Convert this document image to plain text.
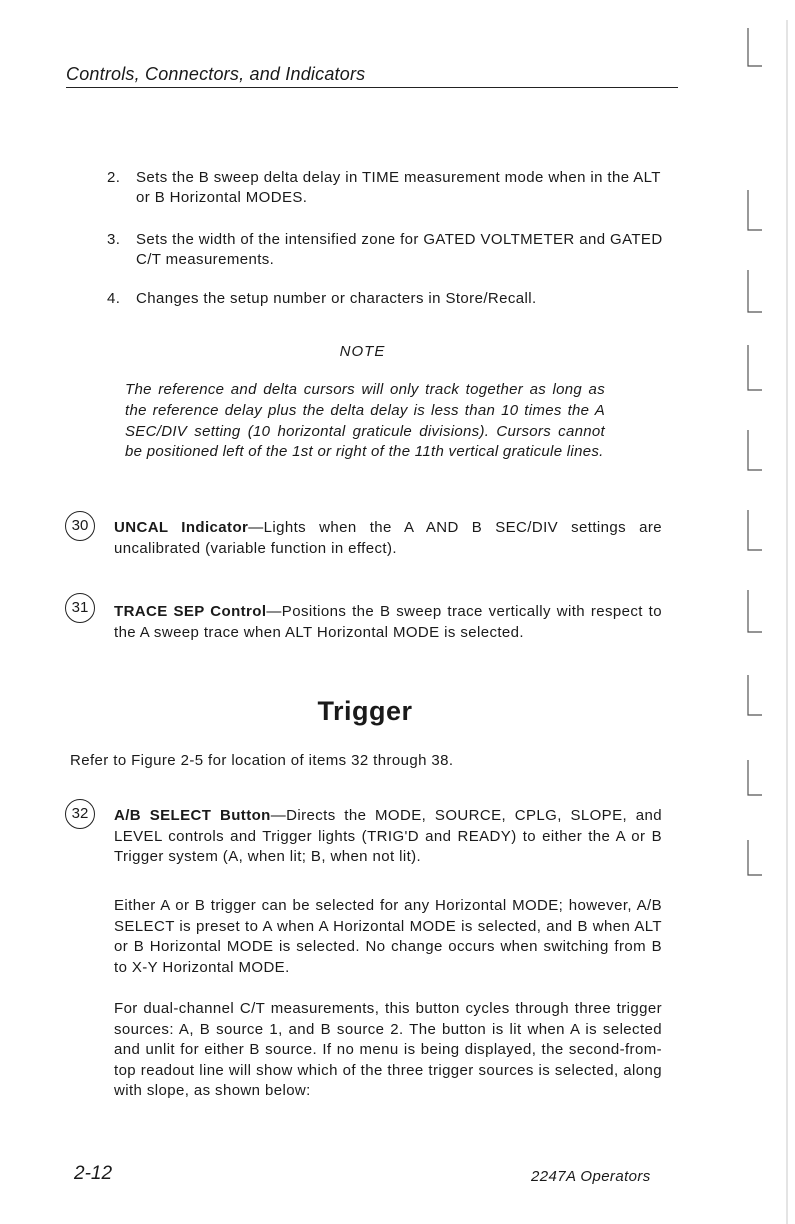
Controls, Connectors, and Indicators
2.	Sets the B sweep delta delay in TIME measurement mode when in the ALT or B Horizontal MODES.
3.	Sets the width of the intensified zone for GATED VOLTMETER and GATED C/T measurements.
4.	Changes the setup number or characters in Store/Recall.
NOTE
The reference and delta cursors will only track together as long as the reference delay plus the delta delay is less than 10 times the A SEC/DIV setting (10 horizontal graticule divisions). Cursors cannot be positioned left of the 1st or right of the 11th vertical graticule lines.
30	UNCAL Indicator—Lights when the A AND B SEC/DIV settings are uncalibrated (variable function in effect).
31	TRACE SEP Control—Positions the B sweep trace vertically with respect to the A sweep trace when ALT Horizontal MODE is selected.
Trigger
Refer to Figure 2-5 for location of items 32 through 38.
32	A/B SELECT Button—Directs the MODE, SOURCE, CPLG, SLOPE, and LEVEL controls and Trigger lights (TRIG'D and READY) to either the A or B Trigger system (A, when lit; B, when not lit).
Either A or B trigger can be selected for any Horizontal MODE; however, A/B SELECT is preset to A when A Horizontal MODE is selected, and B when ALT or B Horizontal MODE is selected. No change occurs when switching from B to X-Y Horizontal MODE.
For dual-channel C/T measurements, this button cycles through three trigger sources: A, B source 1, and B source 2. The button is lit when A is selected and unlit for either B source. If no menu is being displayed, the second-from-top readout line will show which of the three trigger sources is selected, along with slope, as shown below:
2-12	2247A Operators
